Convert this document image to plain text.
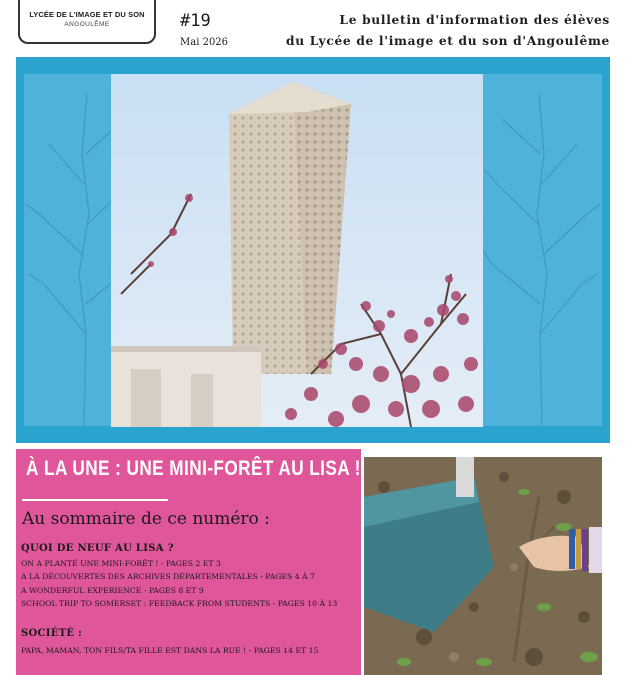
LYCÉE DE L'IMAGE ET DU SON
ANGOULÊME	#19
Mai 2026
Le bulletin d'information des élèves
du Lycée de l'image et du son d'Angoulême
À LA UNE : UNE MINI-FORÊT AU LISA !
Au sommaire de ce numéro :
QUOI DE NEUF AU LISA ?
ON A PLANTÉ UNE MINI-FORÊT ! - PAGES 2 ET 3
A LA DÉCOUVERTES DES ARCHIVES DÉPARTEMENTALES - PAGES 4 À 7
A WONDERFUL EXPERIENCE - PAGES 8 ET 9
SCHOOL TRIP TO SOMERSET : FEEDBACK FROM STUDENTS - PAGES 10 À 13
SOCIÉTÉ :
PAPA, MAMAN, TON FILS/TA FILLE EST DANS LA RUE ! - PAGES 14 ET 15
